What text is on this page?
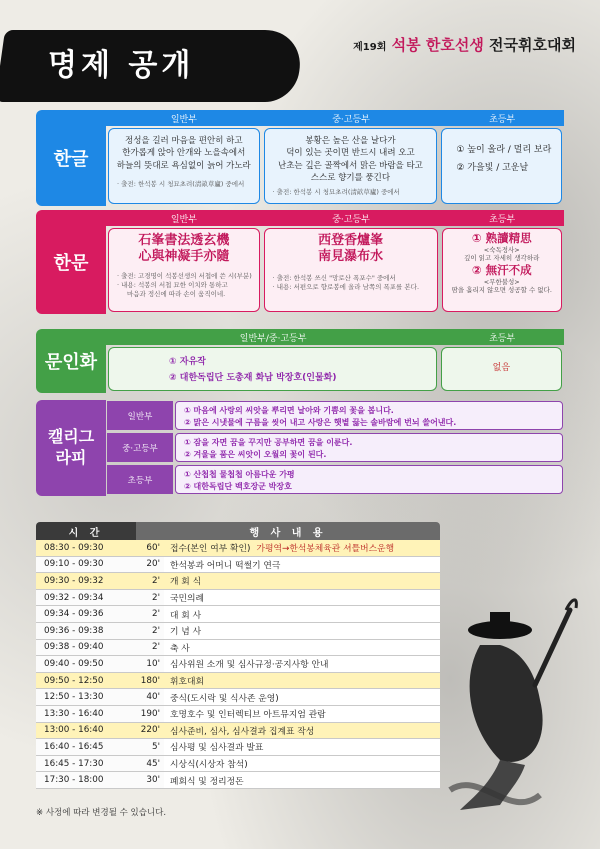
명제 공개
제19회 석봉 한호선생 전국휘호대회
한글
일반부	중·고등부	초등부
정성을 길러 마음을 편안히 하고
한가롭게 앉아 안개와 노을속에서
하늘의 뜻대로 욕심없이 늙어 가노라
· 출전: 한석봉 시 청묘초려(淸畝草廬) 중에서
봉황은 높은 산을 날다가
덕이 있는 곳이면 반드시 내려 오고
난초는 깊은 골짝에서 맑은 바람을 타고
스스로 향기를 풍긴다
· 출전: 한석봉 시 청묘초려(淸畝草廬) 중에서
① 높이 올라 / 멀리 보라
② 가을빛 / 고운날
한문
일반부	중·고등부	초등부
石峯書法透玄機
心與神凝手亦隨
· 출전: 고경명이 석봉선생의 서첩에 쓴 시(부분)
· 내용: 석봉의 서첩 묘한 이치와 통하고
마음과 정신에 따라 손이 움직이네.
西登香爐峯
南見瀑布水
· 출전: 한석봉 쓰신 "망로산 폭포수" 중에서
· 내용: 서편으로 향로봉에 올라 남쪽의 폭포를 본다.
① 熟讀精思
<숙독정사>
깊이 읽고 자세히 생각하라
② 無汗不成
<무한불성>
땀을 흘리지 않으면 성공할 수 없다.
문인화
일반부/중·고등부	초등부
① 자유작
② 대한독립단 도총재 화남 박장호(인물화)
없음
캘리그라피
일반부
① 마음에 사랑의 씨앗을 뿌리면 날아와 기쁨의 꽃을 봅니다.
② 맑은 시냇물에 구름을 씻어 내고 사랑은 햇볕 끓는 솔바람에 번뇌 쓸어낸다.
중·고등부
① 잠을 자면 꿈을 꾸지만 공부하면 꿈을 이룬다.
② 겨울을 품은 씨앗이 오월의 꽃이 된다.
초등부
① 산첩첩 물첩첩 아름다운 가평
② 대한독립단 백호장군 박장호
시 간	행 사 내 용
08:30 - 09:30	60'	접수(본인 여부 확인) 가평역→한석봉체육관 셔틀버스운행
09:10 - 09:30	20'	한석봉과 어머니 떡썰기 연극
09:30 - 09:32	2'	개 회 식
09:32 - 09:34	2'	국민의례
09:34 - 09:36	2'	대 회 사
09:36 - 09:38	2'	기 념 사
09:38 - 09:40	2'	축 사
09:40 - 09:50	10'	심사위원 소개 및 심사규정·공지사항 안내
09:50 - 12:50	180'	휘호대회
12:50 - 13:30	40'	중식(도시락 및 식사존 운영)
13:30 - 16:40	190'	호명호수 및 인터렉티브 아트뮤지엄 관람
13:00 - 16:40	220'	심사준비, 심사, 심사결과 집계표 작성
16:40 - 16:45	5'	심사평 및 심사결과 발표
16:45 - 17:30	45'	시상식(시상자 참석)
17:30 - 18:00	30'	폐회식 및 정리정돈
※ 사정에 따라 변경될 수 있습니다.
